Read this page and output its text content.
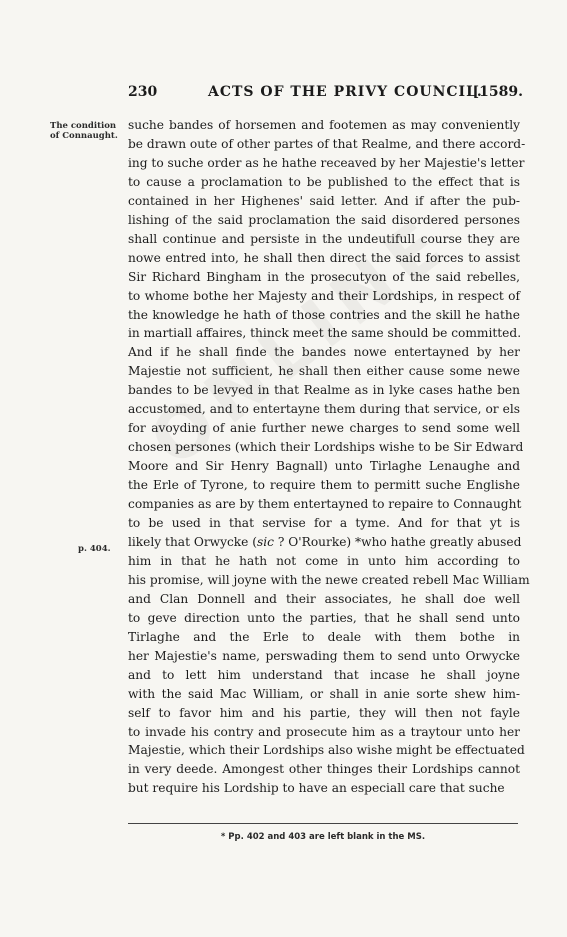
230	ACTS OF THE PRIVY COUNCIL.
[1589.
The condition of Connaught.
p. 404.
suche bandes of horsemen and footemen as may conveniently
be drawn oute of other partes of that Realme, and there accord-
ing to suche order as he hathe receaved by her Majestie's letter
to cause a proclamation to be published to the effect that is
contained in her Highenes' said letter. And if after the pub-
lishing of the said proclamation the said disordered persones
shall continue and persiste in the undeutifull course they are
nowe entred into, he shall then direct the said forces to assist
Sir Richard Bingham in the prosecutyon of the said rebelles,
to whome bothe her Majesty and their Lordships, in respect of
the knowledge he hath of those contries and the skill he hathe
in martiall affaires, thinck meet the same should be committed.
And if he shall finde the bandes nowe entertayned by her
Majestie not sufficient, he shall then either cause some newe
bandes to be levyed in that Realme as in lyke cases hathe ben
accustomed, and to entertayne them during that service, or els
for avoyding of anie further newe charges to send some well
chosen persones (which their Lordships wishe to be Sir Edward
Moore and Sir Henry Bagnall) unto Tirlaghe Lenaughe and
the Erle of Tyrone, to require them to permitt suche Englishe
companies as are by them entertayned to repaire to Connaught
to be used in that servise for a tyme. And for that yt is
likely that Orwycke (sic ? O'Rourke) *who hathe greatly abused
him in that he hath not come in unto him according to
his promise, will joyne with the newe created rebell Mac William
and Clan Donnell and their associates, he shall doe well
to geve direction unto the parties, that he shall send unto
Tirlaghe and the Erle to deale with them bothe in
her Majestie's name, perswading them to send unto Orwycke
and to lett him understand that incase he shall joyne
with the said Mac William, or shall in anie sorte shew him-
self to favor him and his partie, they will then not fayle
to invade his contry and prosecute him as a traytour unto her
Majestie, which their Lordships also wishe might be effectuated
in very deede. Amongest other thinges their Lordships cannot
but require his Lordship to have an especiall care that suche
* Pp. 402 and 403 are left blank in the MS.
